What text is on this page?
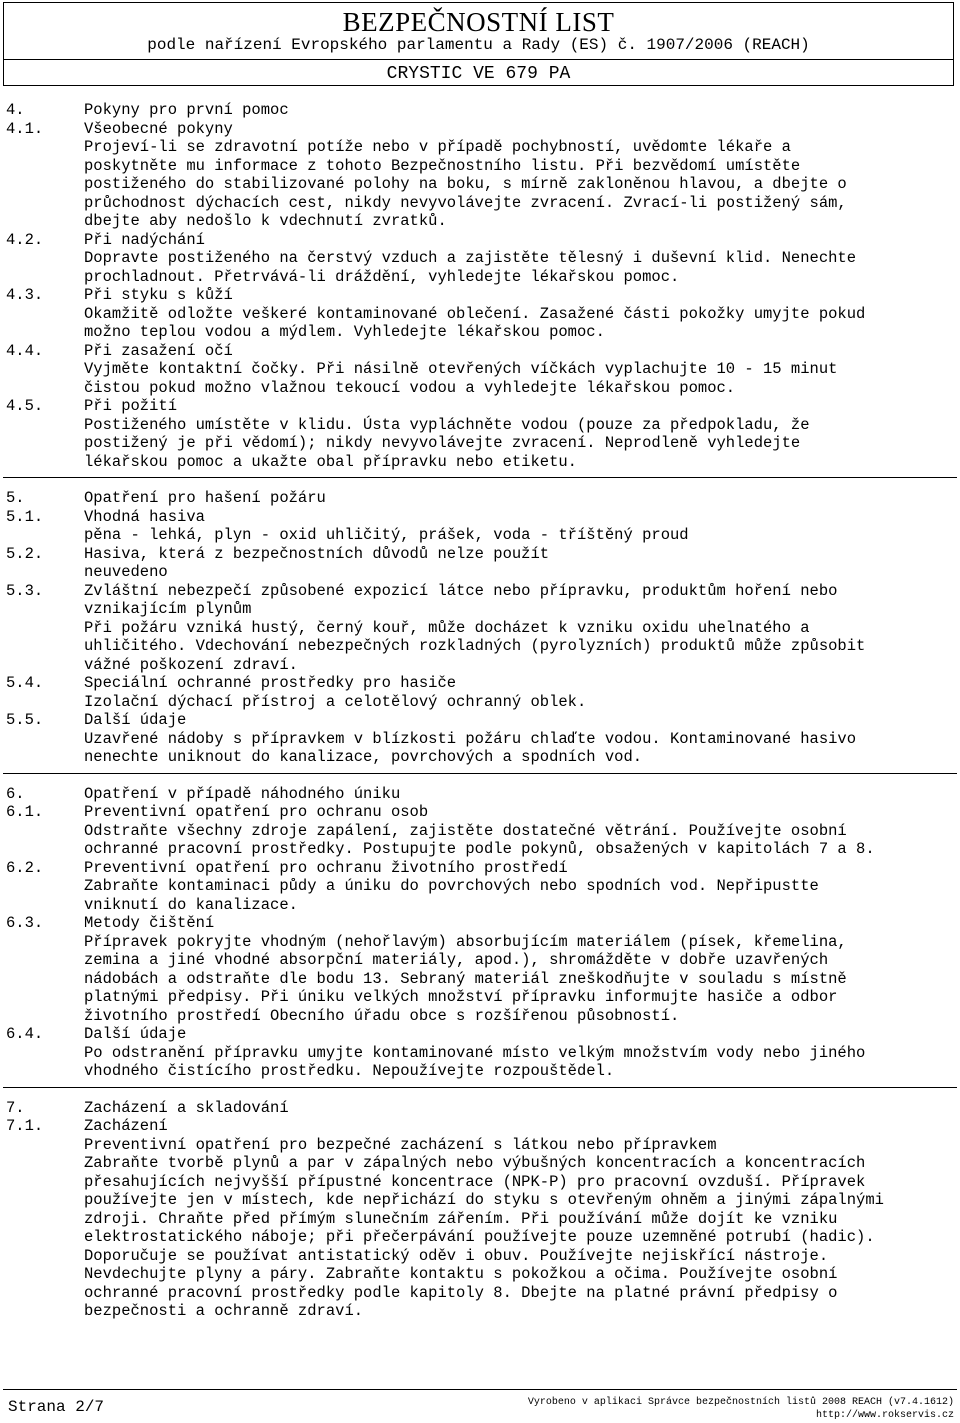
BEZPEČNOSTNÍ LIST
podle nařízení Evropského parlamentu a Rady (ES) č. 1907/2006 (REACH)
CRYSTIC VE 679 PA
4.	Pokyny pro první pomoc
4.1.	Všeobecné pokyny
Projeví-li se zdravotní potíže nebo v případě pochybností, uvědomte lékaře a
poskytněte mu informace z tohoto Bezpečnostního listu. Při bezvědomí umístěte
postiženého do stabilizované polohy na boku, s mírně zakloněnou hlavou, a dbejte o
průchodnost dýchacích cest, nikdy nevyvolávejte zvracení. Zvrací-li postižený sám,
dbejte aby nedošlo k vdechnutí zvratků.
4.2.	Při nadýchání
Dopravte postiženého na čerstvý vzduch a zajistěte tělesný i duševní klid. Nenechte
prochladnout. Přetrvává-li dráždění, vyhledejte lékařskou pomoc.
4.3.	Při styku s kůží
Okamžitě odložte veškeré kontaminované oblečení. Zasažené části pokožky umyjte pokud
možno teplou vodou a mýdlem. Vyhledejte lékařskou pomoc.
4.4.	Při zasažení očí
Vyjměte kontaktní čočky. Při násilně otevřených víčkách vyplachujte 10 - 15 minut
čistou pokud možno vlažnou tekoucí vodou a vyhledejte lékařskou pomoc.
4.5.	Při požití
Postiženého umístěte v klidu. Ústa vypláchněte vodou (pouze za předpokladu, že
postižený je při vědomí); nikdy nevyvolávejte zvracení. Neprodleně vyhledejte
lékařskou pomoc a ukažte obal přípravku nebo etiketu.
5.	Opatření pro hašení požáru
5.1.	Vhodná hasiva
pěna - lehká, plyn - oxid uhličitý, prášek, voda - tříštěný proud
5.2.	Hasiva, která z bezpečnostních důvodů nelze použít
neuvedeno
5.3.	Zvláštní nebezpečí způsobené expozicí látce nebo přípravku, produktům hoření nebo
vznikajícím plynům
Při požáru vzniká hustý, černý kouř, může docházet k vzniku oxidu uhelnatého a
uhličitého. Vdechování nebezpečných rozkladných (pyrolyzních) produktů může způsobit
vážné poškození zdraví.
5.4.	Speciální ochranné prostředky pro hasiče
Izolační dýchací přístroj a celotělový ochranný oblek.
5.5.	Další údaje
Uzavřené nádoby s přípravkem v blízkosti požáru chlaďte vodou. Kontaminované hasivo
nenechte uniknout do kanalizace, povrchových a spodních vod.
6.	Opatření v případě náhodného úniku
6.1.	Preventivní opatření pro ochranu osob
Odstraňte všechny zdroje zapálení, zajistěte dostatečné větrání. Používejte osobní
ochranné pracovní prostředky. Postupujte podle pokynů, obsažených v kapitolách 7 a 8.
6.2.	Preventivní opatření pro ochranu životního prostředí
Zabraňte kontaminaci půdy a úniku do povrchových nebo spodních vod. Nepřipustte
vniknutí do kanalizace.
6.3.	Metody čištění
Přípravek pokryjte vhodným (nehořlavým) absorbujícím materiálem (písek, křemelina,
zemina a jiné vhodné absorpční materiály, apod.), shromážděte v dobře uzavřených
nádobách a odstraňte dle bodu 13. Sebraný materiál zneškodňujte v souladu s místně
platnými předpisy. Při úniku velkých množství přípravku informujte hasiče a odbor
životního prostředí Obecního úřadu obce s rozšířenou působností.
6.4.	Další údaje
Po odstranění přípravku umyjte kontaminované místo velkým množstvím vody nebo jiného
vhodného čistícího prostředku. Nepoužívejte rozpouštědel.
7.	Zacházení a skladování
7.1.	Zacházení
Preventivní opatření pro bezpečné zacházení s látkou nebo přípravkem
Zabraňte tvorbě plynů a par v zápalných nebo výbušných koncentracích a koncentracích
přesahujících nejvyšší přípustné koncentrace (NPK-P) pro pracovní ovzduší. Přípravek
používejte jen v místech, kde nepřichází do styku s otevřeným ohněm a jinými zápalnými
zdroji. Chraňte před přímým slunečním zářením. Při používání může dojít ke vzniku
elektrostatického náboje; při přečerpávání používejte pouze uzemněné potrubí (hadic).
Doporučuje se používat antistatický oděv i obuv. Používejte nejiskřící nástroje.
Nevdechujte plyny a páry. Zabraňte kontaktu s pokožkou a očima. Používejte osobní
ochranné pracovní prostředky podle kapitoly 8. Dbejte na platné právní předpisy o
bezpečnosti a ochranně zdraví.
Strana 2/7	Vyrobeno v aplikaci Správce bezpečnostních listů 2008 REACH (v7.4.1612)
http://www.rokservis.cz
